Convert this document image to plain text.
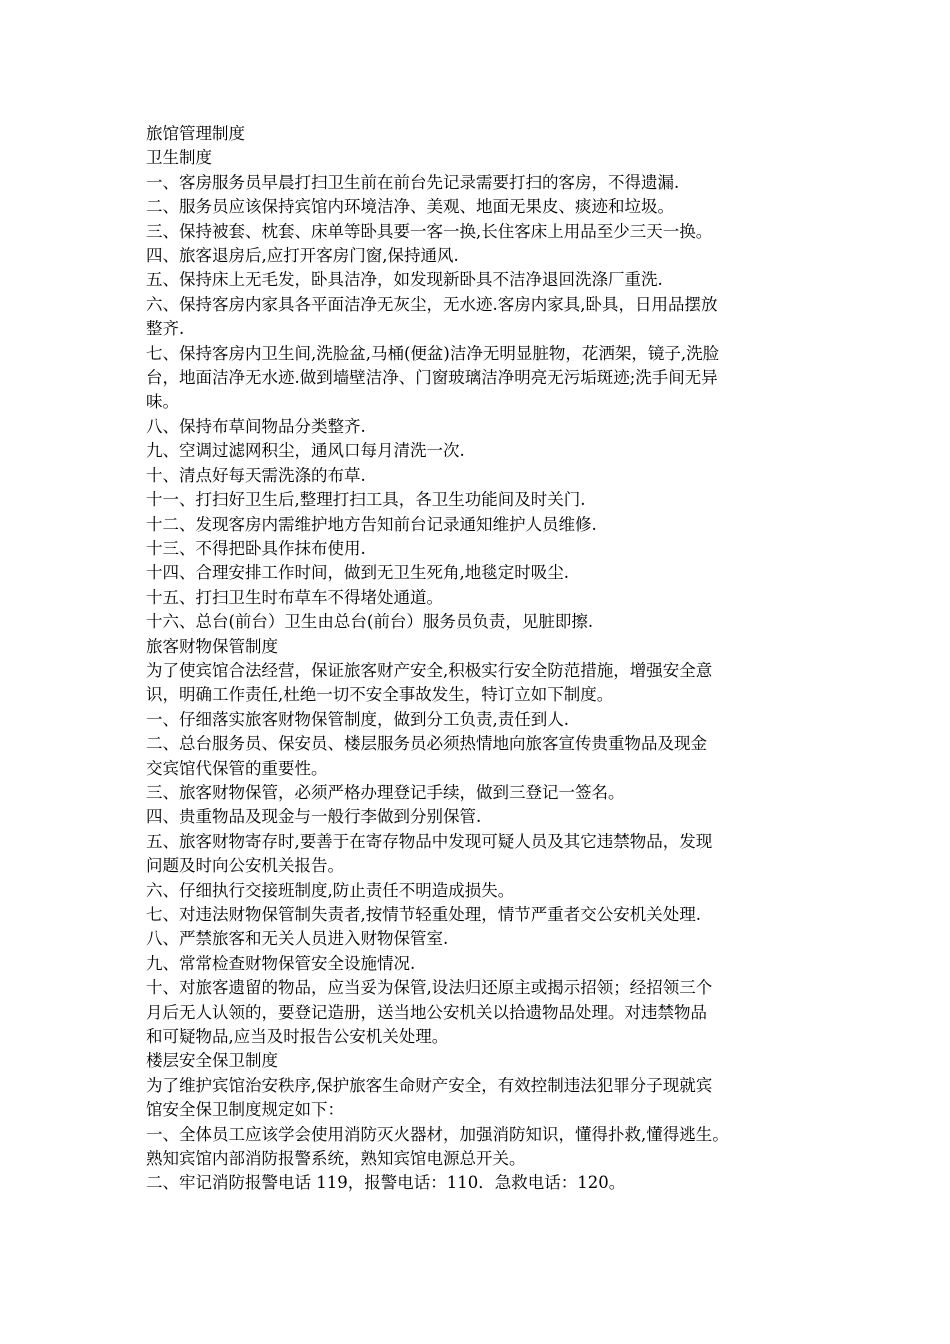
旅馆管理制度

卫生制度

一、客房服务员早晨打扫卫生前在前台先记录需要打扫的客房，不得遗漏.

二、服务员应该保持宾馆内环境洁净、美观、地面无果皮、痰迹和垃圾。

三、保持被套、枕套、床单等卧具要一客一换,长住客床上用品至少三天一换。

四、旅客退房后,应打开客房门窗,保持通风.

五、保持床上无毛发，卧具洁净，如发现新卧具不洁净退回洗涤厂重洗.

六、保持客房内家具各平面洁净无灰尘，无水迹.客房内家具,卧具，日用品摆放

整齐.

七、保持客房内卫生间,洗脸盆,马桶(便盆)洁净无明显脏物，花洒架，镜子,洗脸

台，地面洁净无水迹.做到墙壁洁净、门窗玻璃洁净明亮无污垢斑迹;洗手间无异

味。

八、保持布草间物品分类整齐.

九、空调过滤网积尘，通风口每月清洗一次.

十、清点好每天需洗涤的布草.

十一、打扫好卫生后,整理打扫工具，各卫生功能间及时关门.

十二、发现客房内需维护地方告知前台记录通知维护人员维修.

十三、不得把卧具作抹布使用.

十四、合理安排工作时间，做到无卫生死角,地毯定时吸尘.

十五、打扫卫生时布草车不得堵处通道。

十六、总台(前台）卫生由总台(前台）服务员负责，见脏即擦.

旅客财物保管制度

为了使宾馆合法经营，保证旅客财产安全,积极实行安全防范措施，增强安全意

识，明确工作责任,杜绝一切不安全事故发生，特订立如下制度。

一、仔细落实旅客财物保管制度，做到分工负责,责任到人.

二、总台服务员、保安员、楼层服务员必须热情地向旅客宣传贵重物品及现金

交宾馆代保管的重要性。

三、旅客财物保管，必须严格办理登记手续，做到三登记一签名。

四、贵重物品及现金与一般行李做到分别保管.

五、旅客财物寄存时,要善于在寄存物品中发现可疑人员及其它违禁物品，发现

问题及时向公安机关报告。

六、仔细执行交接班制度,防止责任不明造成损失。

七、对违法财物保管制失责者,按情节轻重处理，情节严重者交公安机关处理.

八、严禁旅客和无关人员进入财物保管室.

九、常常检查财物保管安全设施情况.

十、对旅客遗留的物品，应当妥为保管,设法归还原主或揭示招领；经招领三个

月后无人认领的，要登记造册，送当地公安机关以拾遗物品处理。对违禁物品

和可疑物品,应当及时报告公安机关处理。

楼层安全保卫制度

为了维护宾馆治安秩序,保护旅客生命财产安全，有效控制违法犯罪分子现就宾

馆安全保卫制度规定如下：

一、全体员工应该学会使用消防灭火器材，加强消防知识，懂得扑救,懂得逃生。

熟知宾馆内部消防报警系统，熟知宾馆电源总开关。

二、牢记消防报警电话 119，报警电话：110．急救电话：120。
